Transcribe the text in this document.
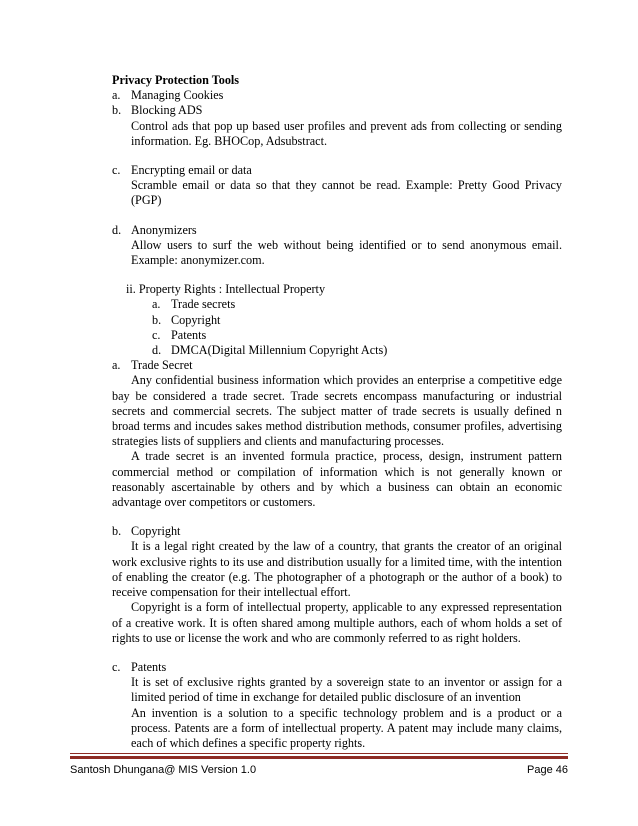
Privacy Protection Tools
a. Managing Cookies
b. Blocking ADS
Control ads that pop up based user profiles and prevent ads from collecting or sending information. Eg. BHOCop, Adsubstract.
c. Encrypting email or data
Scramble email or data so that they cannot be read. Example: Pretty Good Privacy (PGP)
d. Anonymizers
Allow users to surf the web without being identified or to send anonymous email. Example: anonymizer.com.
ii. Property Rights : Intellectual Property
a. Trade secrets
b. Copyright
c. Patents
d. DMCA(Digital Millennium Copyright Acts)
a. Trade Secret
Any confidential business information which provides an enterprise a competitive edge bay be considered a trade secret. Trade secrets encompass manufacturing or industrial secrets and commercial secrets. The subject matter of trade secrets is usually defined n broad terms and incudes sakes method distribution methods, consumer profiles, advertising strategies lists of suppliers and clients and manufacturing processes.
A trade secret is an invented formula practice, process, design, instrument pattern commercial method or compilation of information which is not generally known or reasonably ascertainable by others and by which a business can obtain an economic advantage over competitors or customers.
b. Copyright
It is a legal right created by the law of a country, that grants the creator of an original work exclusive rights to its use and distribution usually for a limited time, with the intention of enabling the creator (e.g. The photographer of a photograph or the author of a book) to receive compensation for their intellectual effort.
Copyright is a form of intellectual property, applicable to any expressed representation of a creative work. It is often shared among multiple authors, each of whom holds a set of rights to use or license the work and who are commonly referred to as right holders.
c. Patents
It is set of exclusive rights granted by a sovereign state to an inventor or assign for a limited period of time in exchange for detailed public disclosure of an invention
An invention is a solution to a specific technology problem and is a product or a process. Patents are a form of intellectual property. A patent may include many claims, each of which defines a specific property rights.
Santosh Dhungana@ MIS Version 1.0	Page 46
